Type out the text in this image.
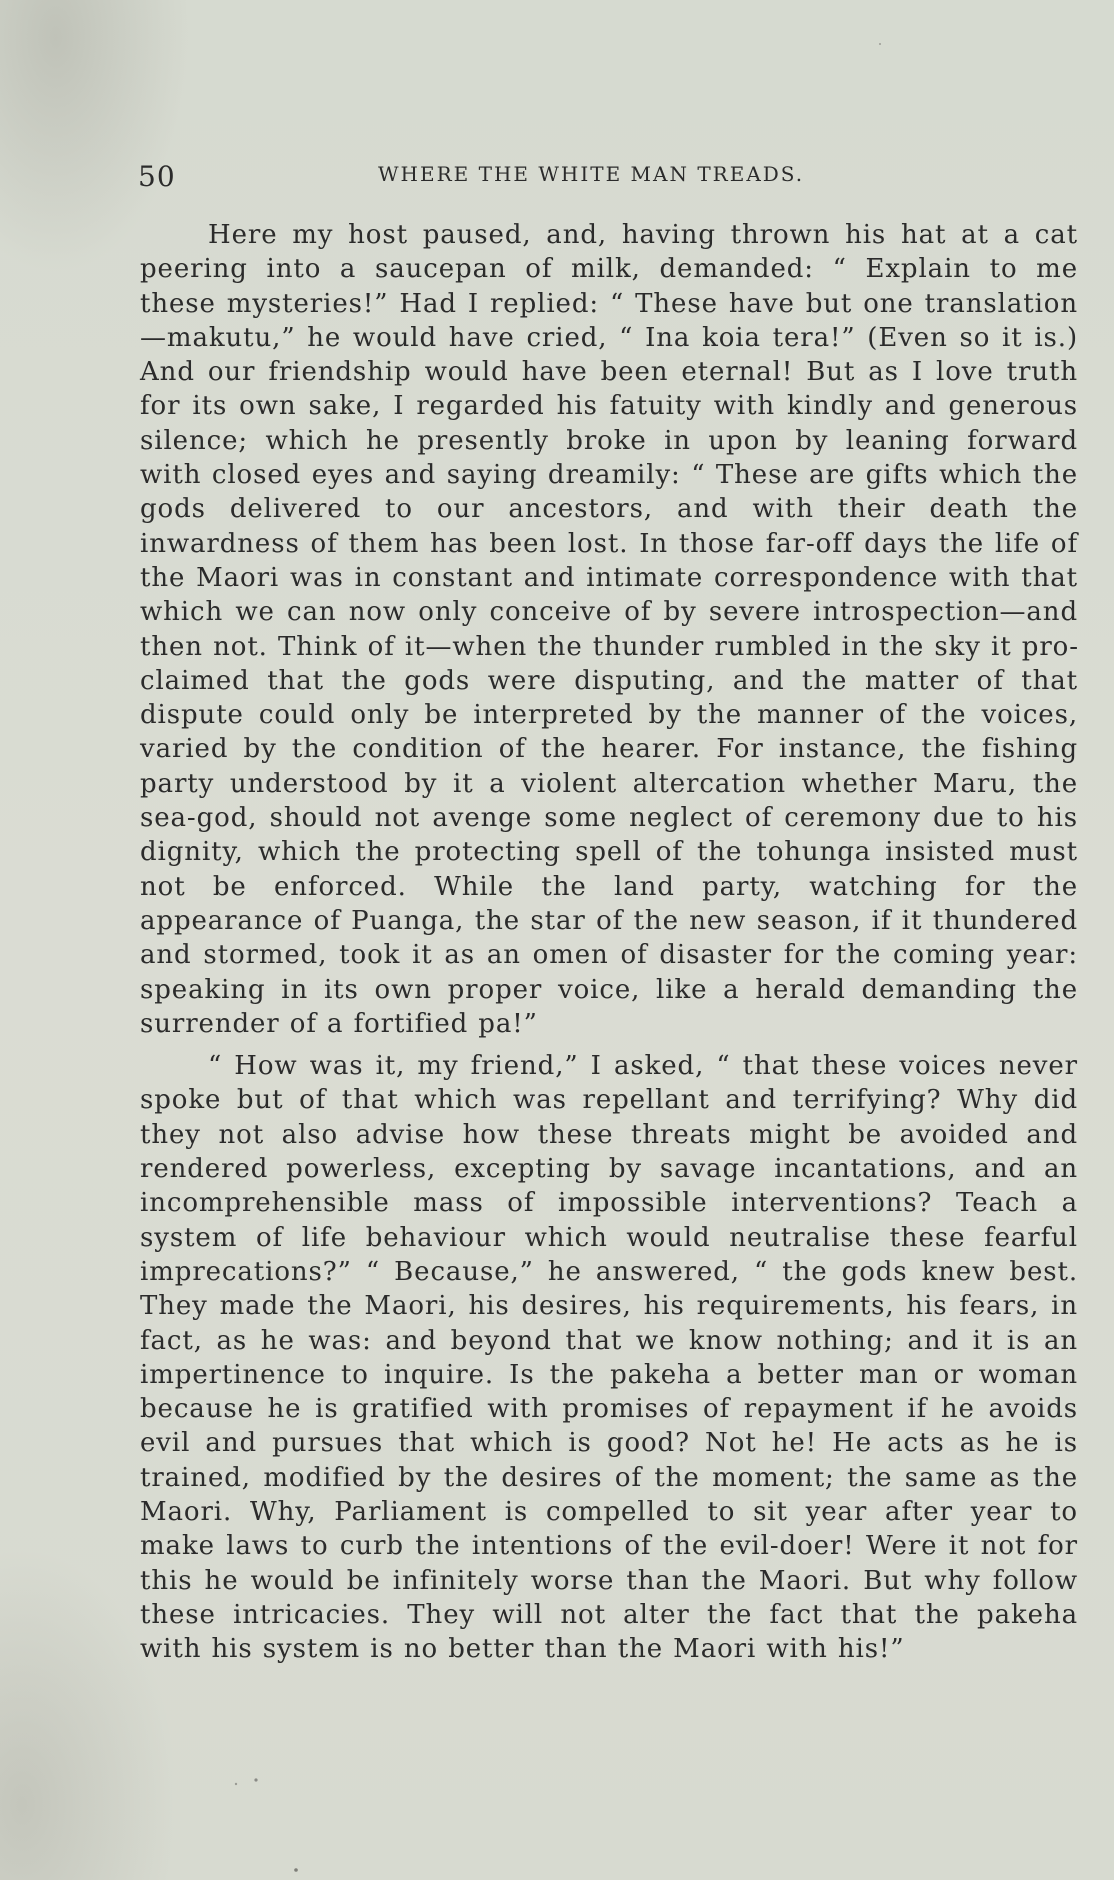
50	WHERE THE WHITE MAN TREADS.

Here my host paused, and, having thrown his hat at a cat peering into a saucepan of milk, demanded: “ Explain to me these mysteries!” Had I replied: “ These have but one translation—makutu,” he would have cried, “ Ina koia tera!” (Even so it is.) And our friendship would have been eternal! But as I love truth for its own sake, I regarded his fatuity with kindly and generous silence; which he presently broke in upon by leaning forward with closed eyes and saying dreamily: “ These are gifts which the gods delivered to our ancestors, and with their death the inwardness of them has been lost. In those far-off days the life of the Maori was in constant and intimate correspondence with that which we can now only conceive of by severe introspection—and then not. Think of it—when the thunder rumbled in the sky it proclaimed that the gods were disputing, and the matter of that dispute could only be interpreted by the manner of the voices, varied by the condition of the hearer. For instance, the fishing party understood by it a violent altercation whether Maru, the sea-god, should not avenge some neglect of ceremony due to his dignity, which the protecting spell of the tohunga insisted must not be enforced. While the land party, watching for the appearance of Puanga, the star of the new season, if it thundered and stormed, took it as an omen of disaster for the coming year: speaking in its own proper voice, like a herald demanding the surrender of a fortified pa!”

“ How was it, my friend,” I asked, “ that these voices never spoke but of that which was repellant and terrifying? Why did they not also advise how these threats might be avoided and rendered powerless, excepting by savage incantations, and an incomprehensible mass of impossible interventions? Teach a system of life behaviour which would neutralise these fearful imprecations?” “ Because,” he answered, “ the gods knew best. They made the Maori, his desires, his requirements, his fears, in fact, as he was: and beyond that we know nothing; and it is an impertinence to inquire. Is the pakeha a better man or woman because he is gratified with promises of repayment if he avoids evil and pursues that which is good? Not he! He acts as he is trained, modified by the desires of the moment; the same as the Maori. Why, Parliament is compelled to sit year after year to make laws to curb the intentions of the evil-doer! Were it not for this he would be infinitely worse than the Maori. But why follow these intricacies. They will not alter the fact that the pakeha with his system is no better than the Maori with his!”
